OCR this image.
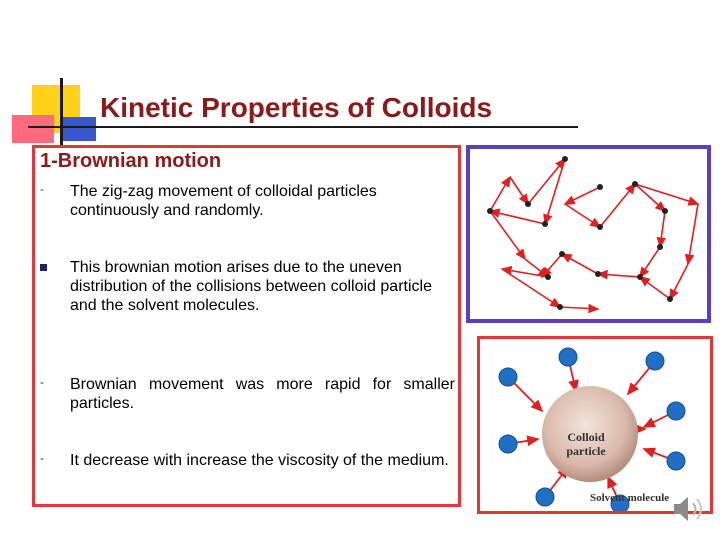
Kinetic Properties of Colloids
1-Brownian motion
- The zig-zag movement of colloidal particles continuously and randomly.
This brownian motion arises due to the uneven distribution of the collisions between colloid particle and the solvent molecules.
- Brownian movement was more rapid for smaller particles.
- It decrease with increase the viscosity of the medium.
Colloid
particle
Solvent molecule
